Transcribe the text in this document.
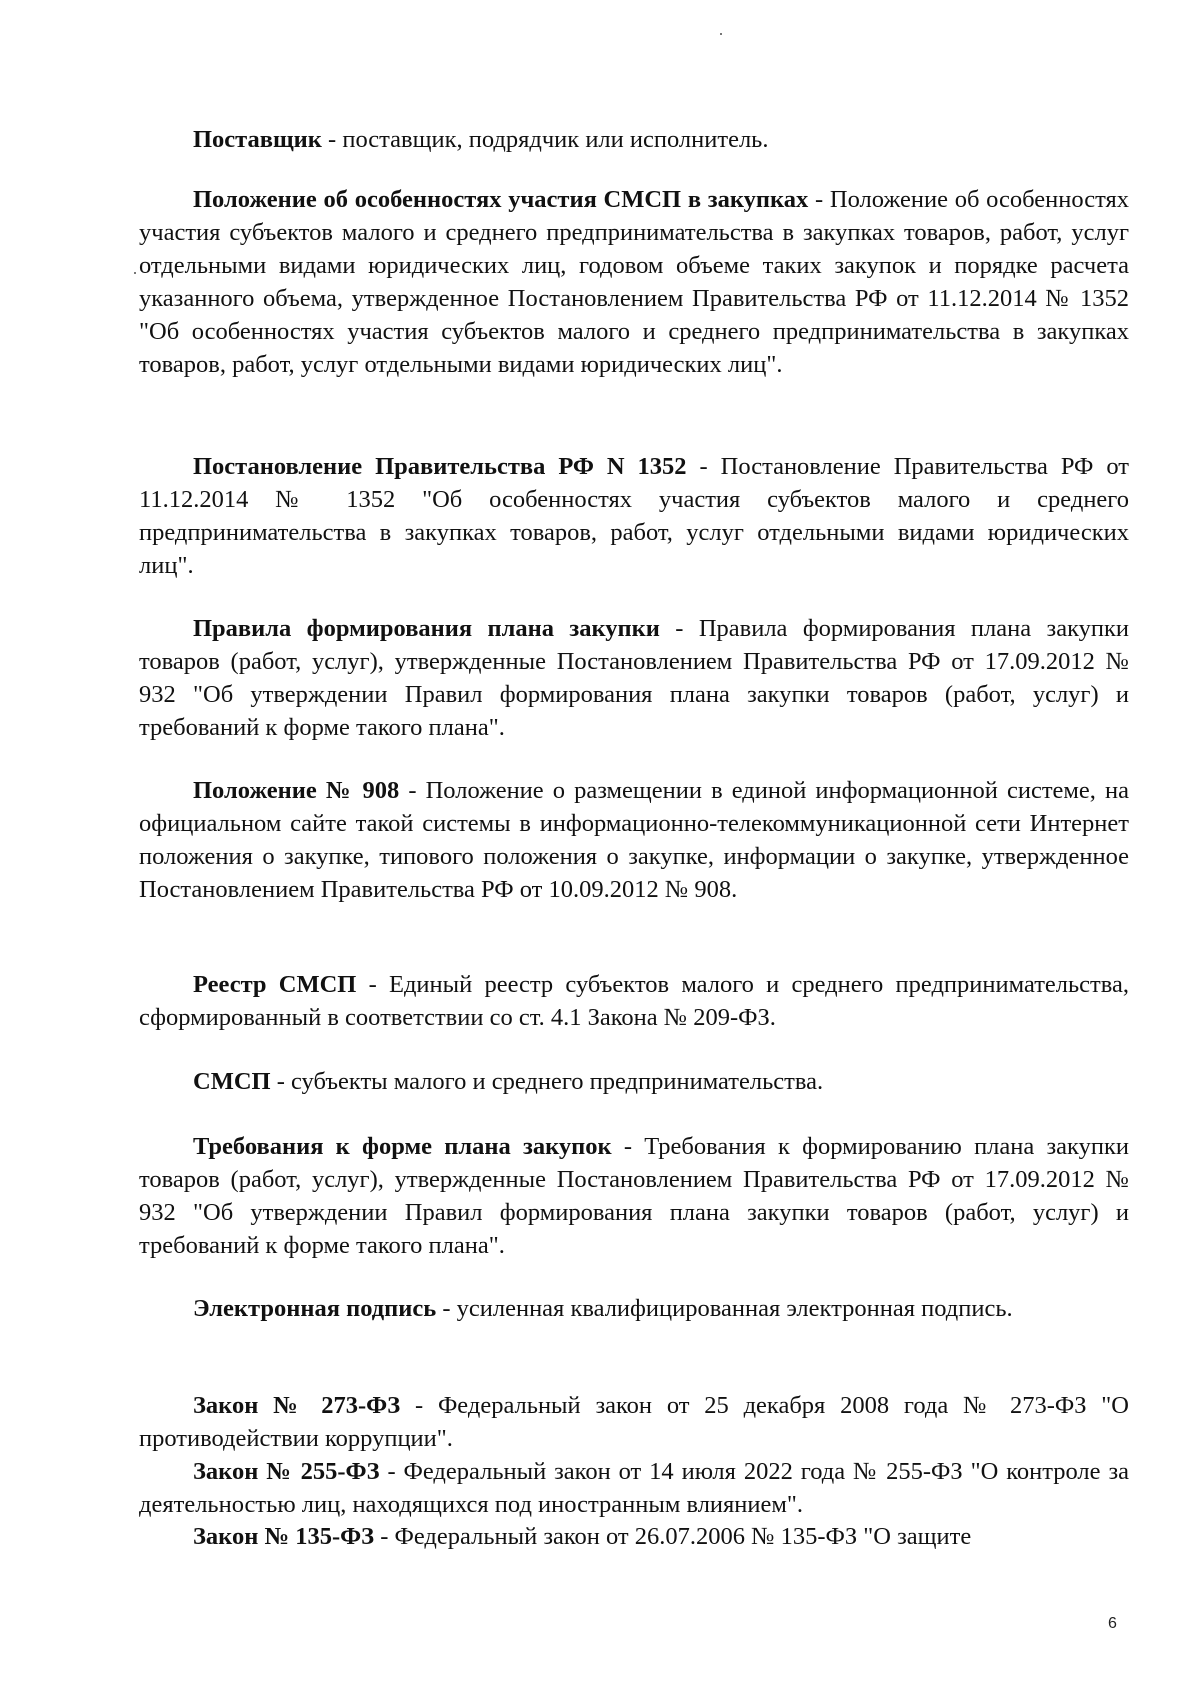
Поставщик - поставщик, подрядчик или исполнитель.

Положение об особенностях участия СМСП в закупках - Положение об особенностях участия субъектов малого и среднего предпринимательства в закупках товаров, работ, услуг отдельными видами юридических лиц, годовом объеме таких закупок и порядке расчета указанного объема, утвержденное Постановлением Правительства РФ от 11.12.2014 № 1352 "Об особенностях участия субъектов малого и среднего предпринимательства в закупках товаров, работ, услуг отдельными видами юридических лиц".

Постановление Правительства РФ N 1352 - Постановление Правительства РФ от 11.12.2014 № 1352 "Об особенностях участия субъектов малого и среднего предпринимательства в закупках товаров, работ, услуг отдельными видами юридических лиц".

Правила формирования плана закупки - Правила формирования плана закупки товаров (работ, услуг), утвержденные Постановлением Правительства РФ от 17.09.2012 № 932 "Об утверждении Правил формирования плана закупки товаров (работ, услуг) и требований к форме такого плана".

Положение № 908 - Положение о размещении в единой информационной системе, на официальном сайте такой системы в информационно-телекоммуникационной сети Интернет положения о закупке, типового положения о закупке, информации о закупке, утвержденное Постановлением Правительства РФ от 10.09.2012 № 908.

Реестр СМСП - Единый реестр субъектов малого и среднего предпринимательства, сформированный в соответствии со ст. 4.1 Закона № 209-ФЗ.

СМСП - субъекты малого и среднего предпринимательства.

Требования к форме плана закупок - Требования к формированию плана закупки товаров (работ, услуг), утвержденные Постановлением Правительства РФ от 17.09.2012 № 932 "Об утверждении Правил формирования плана закупки товаров (работ, услуг) и требований к форме такого плана".

Электронная подпись - усиленная квалифицированная электронная подпись.

Закон № 273-ФЗ - Федеральный закон от 25 декабря 2008 года № 273-ФЗ "О противодействии коррупции".

Закон № 255-ФЗ - Федеральный закон от 14 июля 2022 года № 255-ФЗ "О контроле за деятельностью лиц, находящихся под иностранным влиянием".

Закон № 135-ФЗ - Федеральный закон от 26.07.2006 № 135-ФЗ "О защите

6
